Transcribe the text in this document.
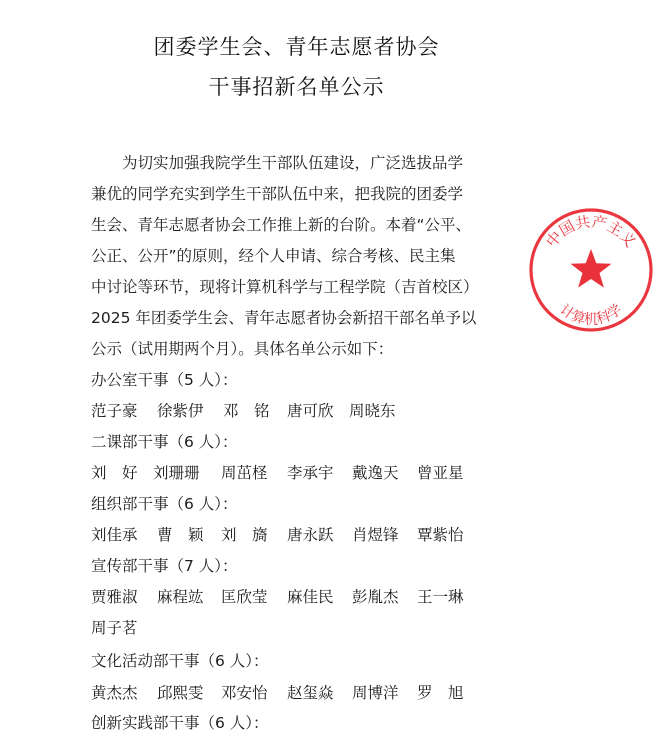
团委学生会、青年志愿者协会
干事招新名单公示
为切实加强我院学生干部队伍建设，广泛选拔品学
兼优的同学充实到学生干部队伍中来，把我院的团委学
生会、青年志愿者协会工作推上新的台阶。本着“公平、
公正、公开”的原则，经个人申请、综合考核、民主集
中讨论等环节，现将计算机科学与工程学院（吉首校区）
2025 年团委学生会、青年志愿者协会新招干部名单予以
公示（试用期两个月）。具体名单公示如下：
办公室干事（5 人）：
范子豪 徐紫伊 邓　铭 唐可欣 周晓东
二课部干事（6 人）：
刘　好 刘珊珊 周茁柽 李承宇 戴逸天 曾亚星
组织部干事（6 人）：
刘佳承 曹　颖 刘　旖 唐永跃 肖煜锋 覃紫怡
宣传部干事（7 人）：
贾雅淑 麻程竑 匡欣莹 麻佳民 彭胤杰 王一琳
周子茗
文化活动部干事（6 人）：
黄杰杰 邱熙雯 邓安怡 赵玺焱 周博洋 罗　旭
创新实践部干事（6 人）：
中国共产主义
计算机科学
